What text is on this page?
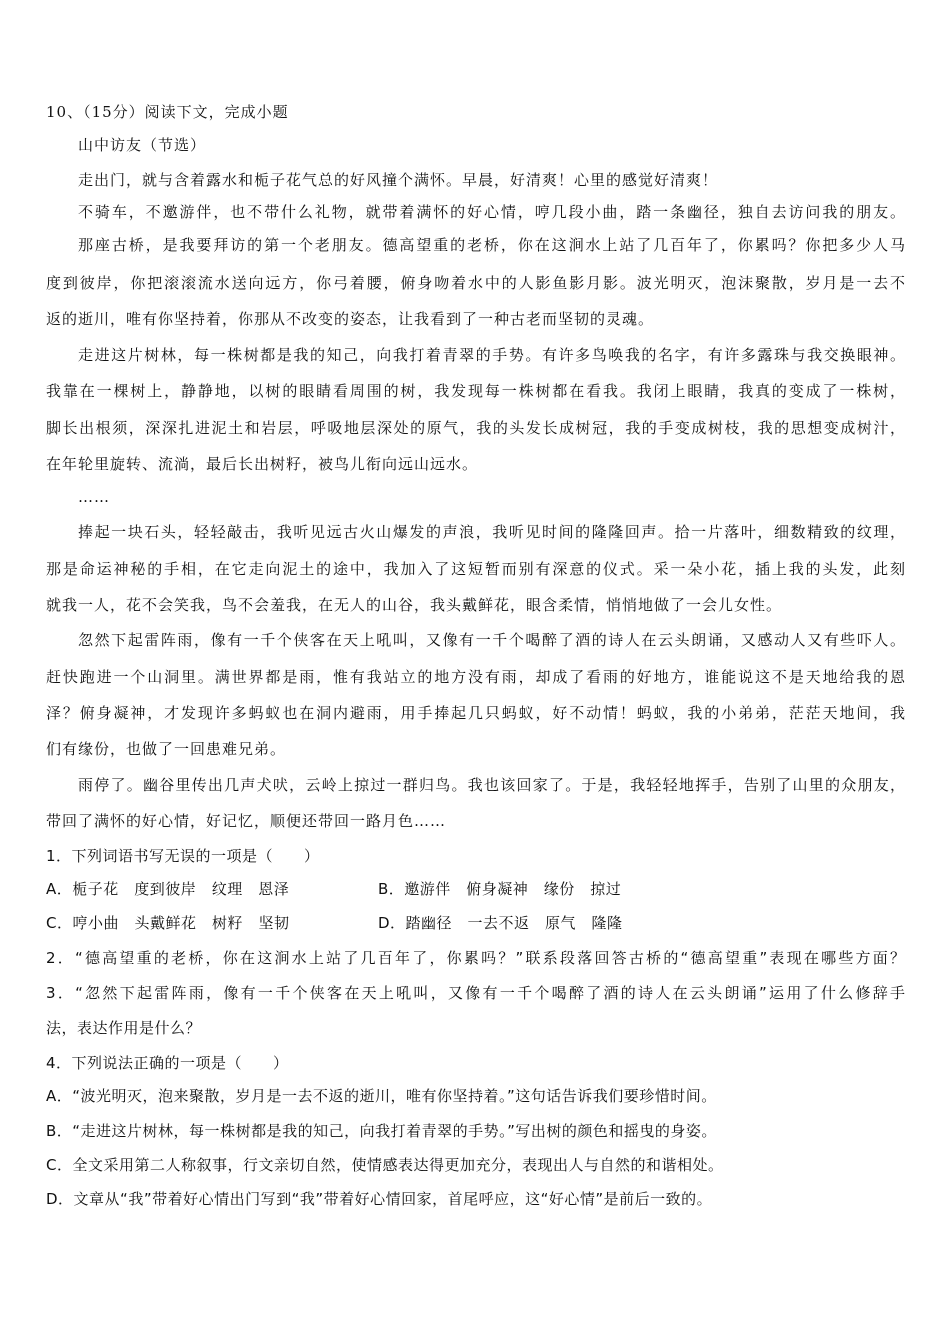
10、（15分）阅读下文，完成小题
山中访友（节选）
走出门，就与含着露水和栀子花气总的好风撞个满怀。早晨，好清爽！心里的感觉好清爽！
不骑车，不邀游伴，也不带什么礼物，就带着满怀的好心情，哼几段小曲，踏一条幽径，独自去访问我的朋友。
那座古桥，是我要拜访的第一个老朋友。德高望重的老桥，你在这涧水上站了几百年了，你累吗？你把多少人马
度到彼岸，你把滚滚流水送向远方，你弓着腰，俯身吻着水中的人影鱼影月影。波光明灭，泡沫聚散，岁月是一去不
返的逝川，唯有你坚持着，你那从不改变的姿态，让我看到了一种古老而坚韧的灵魂。
走进这片树林，每一株树都是我的知己，向我打着青翠的手势。有许多鸟唤我的名字，有许多露珠与我交换眼神。
我靠在一棵树上，静静地，以树的眼睛看周围的树，我发现每一株树都在看我。我闭上眼睛，我真的变成了一株树，
脚长出根须，深深扎进泥土和岩层，呼吸地层深处的原气，我的头发长成树冠，我的手变成树枝，我的思想变成树汁，
在年轮里旋转、流淌，最后长出树籽，被鸟儿衔向远山远水。
……
捧起一块石头，轻轻敲击，我听见远古火山爆发的声浪，我听见时间的隆隆回声。拾一片落叶，细数精致的纹理，
那是命运神秘的手相，在它走向泥土的途中，我加入了这短暂而别有深意的仪式。采一朵小花，插上我的头发，此刻
就我一人，花不会笑我，鸟不会羞我，在无人的山谷，我头戴鲜花，眼含柔情，悄悄地做了一会儿女性。
忽然下起雷阵雨，像有一千个侠客在天上吼叫，又像有一千个喝醉了酒的诗人在云头朗诵，又感动人又有些吓人。
赶快跑进一个山洞里。满世界都是雨，惟有我站立的地方没有雨，却成了看雨的好地方，谁能说这不是天地给我的恩
泽？俯身凝神，才发现许多蚂蚁也在洞内避雨，用手捧起几只蚂蚁，好不动情！蚂蚁，我的小弟弟，茫茫天地间，我
们有缘份，也做了一回患难兄弟。
雨停了。幽谷里传出几声犬吠，云岭上掠过一群归鸟。我也该回家了。于是，我轻轻地挥手，告别了山里的众朋友，
带回了满怀的好心情，好记忆，顺便还带回一路月色……
1．下列词语书写无误的一项是（　　）
A．栀子花　度到彼岸　纹理　恩泽	B．邀游伴　俯身凝神　缘份　掠过
C．哼小曲　头戴鲜花　树籽　坚韧	D．踏幽径　一去不返　原气　隆隆
2．“德高望重的老桥，你在这涧水上站了几百年了，你累吗？”联系段落回答古桥的“德高望重”表现在哪些方面？
3．“忽然下起雷阵雨，像有一千个侠客在天上吼叫，又像有一千个喝醉了酒的诗人在云头朗诵”运用了什么修辞手
法，表达作用是什么？
4．下列说法正确的一项是（　　）
A．“波光明灭，泡来聚散，岁月是一去不返的逝川，唯有你坚持着。”这句话告诉我们要珍惜时间。
B．“走进这片树林，每一株树都是我的知己，向我打着青翠的手势。”写出树的颜色和摇曳的身姿。
C．全文采用第二人称叙事，行文亲切自然，使情感表达得更加充分，表现出人与自然的和谐相处。
D．文章从“我”带着好心情出门写到“我”带着好心情回家，首尾呼应，这“好心情”是前后一致的。
